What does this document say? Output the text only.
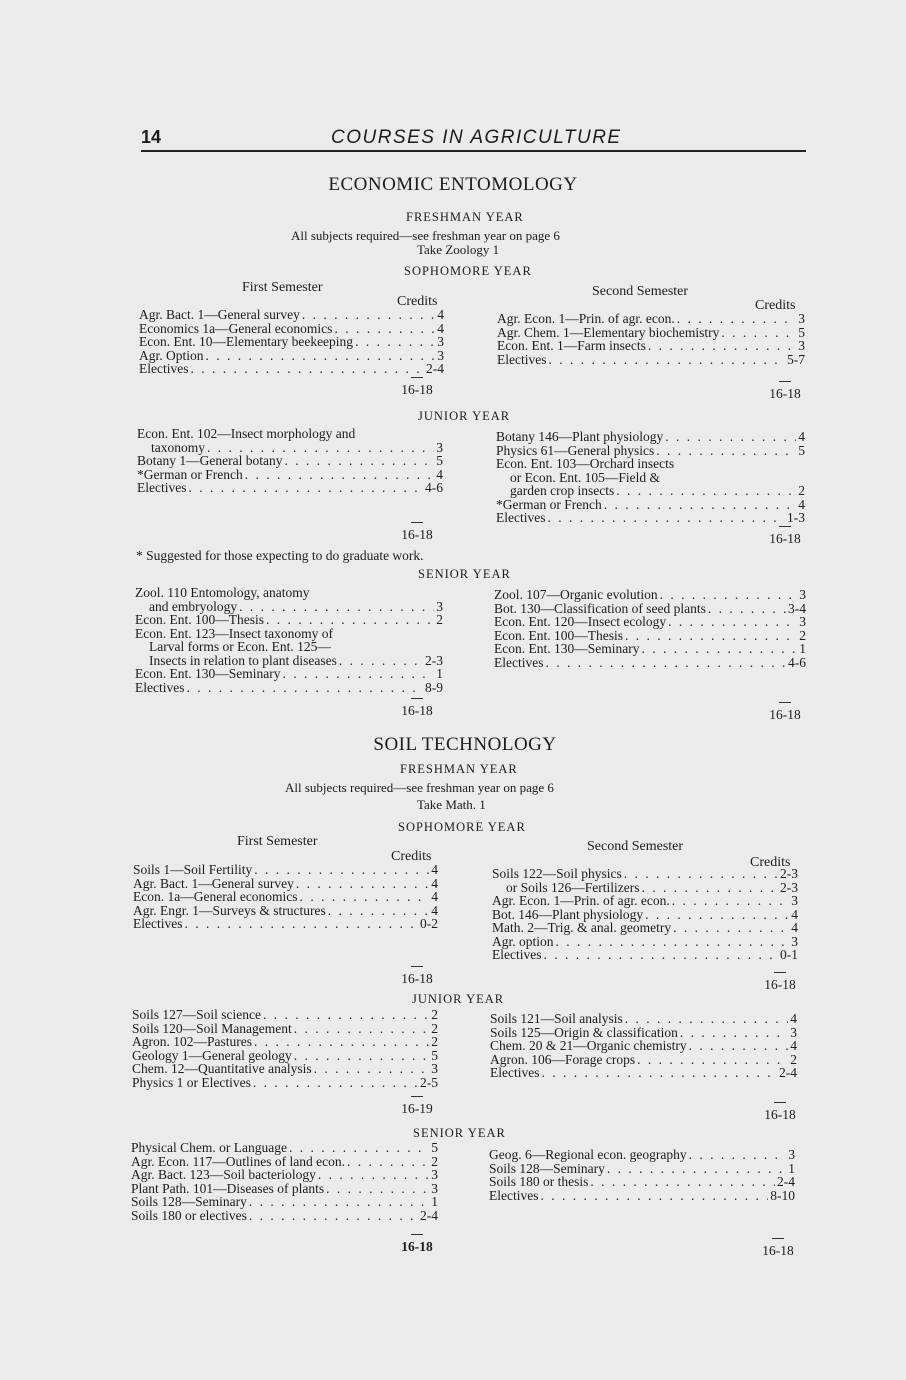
14	COURSES IN AGRICULTURE
ECONOMIC ENTOMOLOGY
FRESHMAN YEAR
All subjects required—see freshman year on page 6
Take Zoology 1
SOPHOMORE YEAR
First Semester
Credits
Second Semester
Credits
Agr. Bact. 1—General survey . . .	4
Economics 1a—General economics . . .	4
Econ. Ent. 10—Elementary beekeeping . . .	3
Agr. Option . . .	3
Electives . . .	2-4
Agr. Econ. 1—Prin. of agr. econ. . . .	3
Agr. Chem. 1—Elementary biochemistry . . .	5
Econ. Ent. 1—Farm insects . . .	3
Electives . . .	5-7
16-18	16-18
JUNIOR YEAR
Econ. Ent. 102—Insect morphology and
taxonomy . . .	3
Botany 1—General botany . . .	5
*German or French . . .	4
Electives . . .	4-6
Botany 146—Plant physiology . . .	4
Physics 61—General physics . . .	5
Econ. Ent. 103—Orchard insects
or Econ. Ent. 105—Field &
garden crop insects . . .	2
*German or French . . .	4
Electives . . .	1-3
16-18	16-18
* Suggested for those expecting to do graduate work.
SENIOR YEAR
Zool. 110 Entomology, anatomy
and embryology . . .	3
Econ. Ent. 100—Thesis . . .	2
Econ. Ent. 123—Insect taxonomy of
Larval forms or Econ. Ent. 125—
Insects in relation to plant diseases . . .	2-3
Econ. Ent. 130—Seminary . . .	1
Electives . . .	8-9
Zool. 107—Organic evolution . . .	3
Bot. 130—Classification of seed plants . . .	3-4
Econ. Ent. 120—Insect ecology . . .	3
Econ. Ent. 100—Thesis . . .	2
Econ. Ent. 130—Seminary . . .	1
Electives . . .	4-6
16-18	16-18
SOIL TECHNOLOGY
FRESHMAN YEAR
All subjects required—see freshman year on page 6
Take Math. 1
SOPHOMORE YEAR
First Semester
Credits
Second Semester
Credits
Soils 1—Soil Fertility . . .	4
Agr. Bact. 1—General survey . . .	4
Econ. 1a—General economics . . .	4
Agr. Engr. 1—Surveys & structures . . .	4
Electives . . .	0-2
Soils 122—Soil physics . . .	2-3
or Soils 126—Fertilizers . . .	2-3
Agr. Econ. 1—Prin. of agr. econ. . . .	3
Bot. 146—Plant physiology . . .	4
Math. 2—Trig. & anal. geometry . . .	4
Agr. option . . .	3
Electives . . .	0-1
16-18	16-18
JUNIOR YEAR
Soils 127—Soil science . . .	2
Soils 120—Soil Management . . .	2
Agron. 102—Pastures . . .	2
Geology 1—General geology . . .	5
Chem. 12—Quantitative analysis . . .	3
Physics 1 or Electives . . .	2-5
Soils 121—Soil analysis . . .	4
Soils 125—Origin & classification . . .	3
Chem. 20 & 21—Organic chemistry . . .	4
Agron. 106—Forage crops . . .	2
Electives . . .	2-4
16-19	16-18
SENIOR YEAR
Physical Chem. or Language . . .	5
Agr. Econ. 117—Outlines of land econ. . . .	2
Agr. Bact. 123—Soil bacteriology . . .	3
Plant Path. 101—Diseases of plants . . .	3
Soils 128—Seminary . . .	1
Soils 180 or electives . . .	2-4
Geog. 6—Regional econ. geography . . .	3
Soils 128—Seminary . . .	1
Soils 180 or thesis . . .	2-4
Electives . . .	8-10
16-18	16-18
